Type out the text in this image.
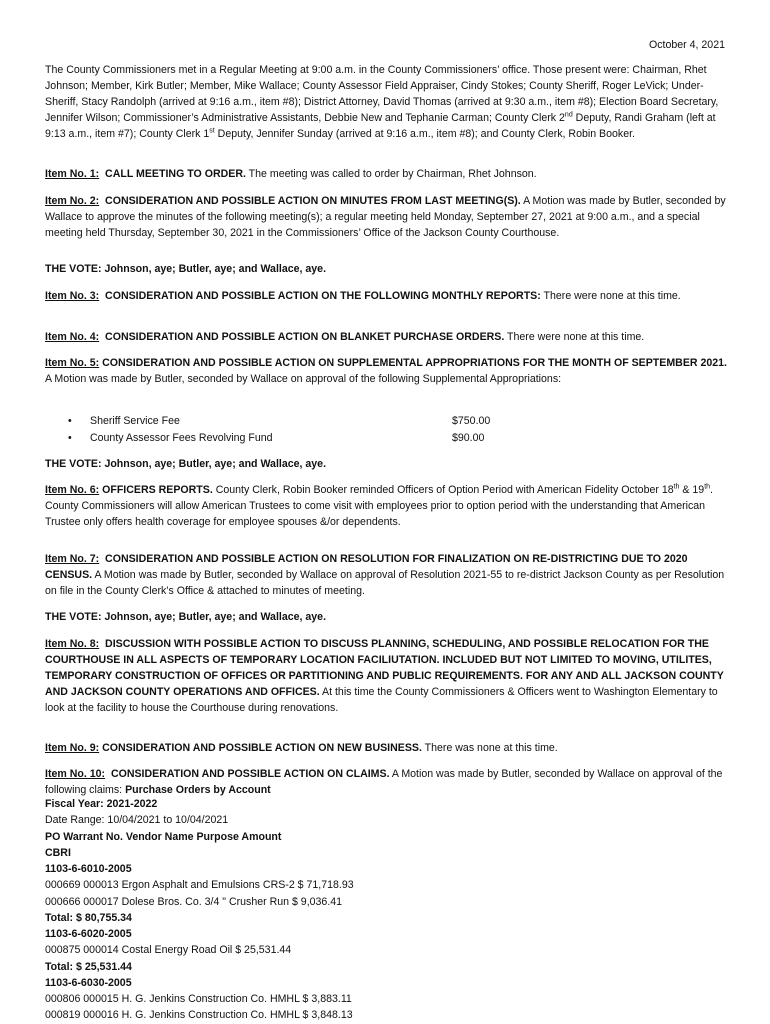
October 4, 2021
The County Commissioners met in a Regular Meeting at 9:00 a.m. in the County Commissioners’ office. Those present were: Chairman, Rhet Johnson; Member, Kirk Butler; Member, Mike Wallace; County Assessor Field Appraiser, Cindy Stokes; County Sheriff, Roger LeVick; Under-Sheriff, Stacy Randolph (arrived at 9:16 a.m., item #8); District Attorney, David Thomas (arrived at 9:30 a.m., item #8); Election Board Secretary, Jennifer Wilson; Commissioner’s Administrative Assistants, Debbie New and Tephanie Carman; County Clerk 2nd Deputy, Randi Graham (left at 9:13 a.m., item #7); County Clerk 1st Deputy, Jennifer Sunday (arrived at 9:16 a.m., item #8); and County Clerk, Robin Booker.
Item No. 1: CALL MEETING TO ORDER. The meeting was called to order by Chairman, Rhet Johnson.
Item No. 2: CONSIDERATION AND POSSIBLE ACTION ON MINUTES FROM LAST MEETING(S). A Motion was made by Butler, seconded by Wallace to approve the minutes of the following meeting(s); a regular meeting held Monday, September 27, 2021 at 9:00 a.m., and a special meeting held Thursday, September 30, 2021 in the Commissioners’ Office of the Jackson County Courthouse.
THE VOTE: Johnson, aye; Butler, aye; and Wallace, aye.
Item No. 3: CONSIDERATION AND POSSIBLE ACTION ON THE FOLLOWING MONTHLY REPORTS: There were none at this time.
Item No. 4: CONSIDERATION AND POSSIBLE ACTION ON BLANKET PURCHASE ORDERS. There were none at this time.
Item No. 5: CONSIDERATION AND POSSIBLE ACTION ON SUPPLEMENTAL APPROPRIATIONS FOR THE MONTH OF SEPTEMBER 2021. A Motion was made by Butler, seconded by Wallace on approval of the following Supplemental Appropriations:
• Sheriff Service Fee	$750.00
• County Assessor Fees Revolving Fund	$90.00
THE VOTE: Johnson, aye; Butler, aye; and Wallace, aye.
Item No. 6: OFFICERS REPORTS. County Clerk, Robin Booker reminded Officers of Option Period with American Fidelity October 18th & 19th. County Commissioners will allow American Trustees to come visit with employees prior to option period with the understanding that American Trustee only offers health coverage for employee spouses &/or dependents.
Item No. 7: CONSIDERATION AND POSSIBLE ACTION ON RESOLUTION FOR FINALIZATION ON RE-DISTRICTING DUE TO 2020 CENSUS. A Motion was made by Butler, seconded by Wallace on approval of Resolution 2021-55 to re-district Jackson County as per Resolution on file in the County Clerk’s Office & attached to minutes of meeting.
THE VOTE: Johnson, aye; Butler, aye; and Wallace, aye.
Item No. 8: DISCUSSION WITH POSSIBLE ACTION TO DISCUSS PLANNING, SCHEDULING, AND POSSIBLE RELOCATION FOR THE COURTHOUSE IN ALL ASPECTS OF TEMPORARY LOCATION FACILIUTATION. INCLUDED BUT NOT LIMITED TO MOVING, UTILITES, TEMPORARY CONSTRUCTION OF OFFICES OR PARTITIONING AND PUBLIC REQUIREMENTS. FOR ANY AND ALL JACKSON COUNTY AND JACKSON COUNTY OPERATIONS AND OFFICES. At this time the County Commissioners & Officers went to Washington Elementary to look at the facility to house the Courthouse during renovations.
Item No. 9: CONSIDERATION AND POSSIBLE ACTION ON NEW BUSINESS. There was none at this time.
Item No. 10: CONSIDERATION AND POSSIBLE ACTION ON CLAIMS. A Motion was made by Butler, seconded by Wallace on approval of the following claims: Purchase Orders by Account
Fiscal Year: 2021-2022
Date Range: 10/04/2021 to 10/04/2021
PO Warrant No. Vendor Name Purpose Amount
CBRI
1103-6-6010-2005
000669 000013 Ergon Asphalt and Emulsions CRS-2 $ 71,718.93
000666 000017 Dolese Bros. Co. 3/4 " Crusher Run $ 9,036.41
Total: $ 80,755.34
1103-6-6020-2005
000875 000014 Costal Energy Road Oil $ 25,531.44
Total: $ 25,531.44
1103-6-6030-2005
000806 000015 H. G. Jenkins Construction Co. HMHL $ 3,883.11
000819 000016 H. G. Jenkins Construction Co. HMHL $ 3,848.13
